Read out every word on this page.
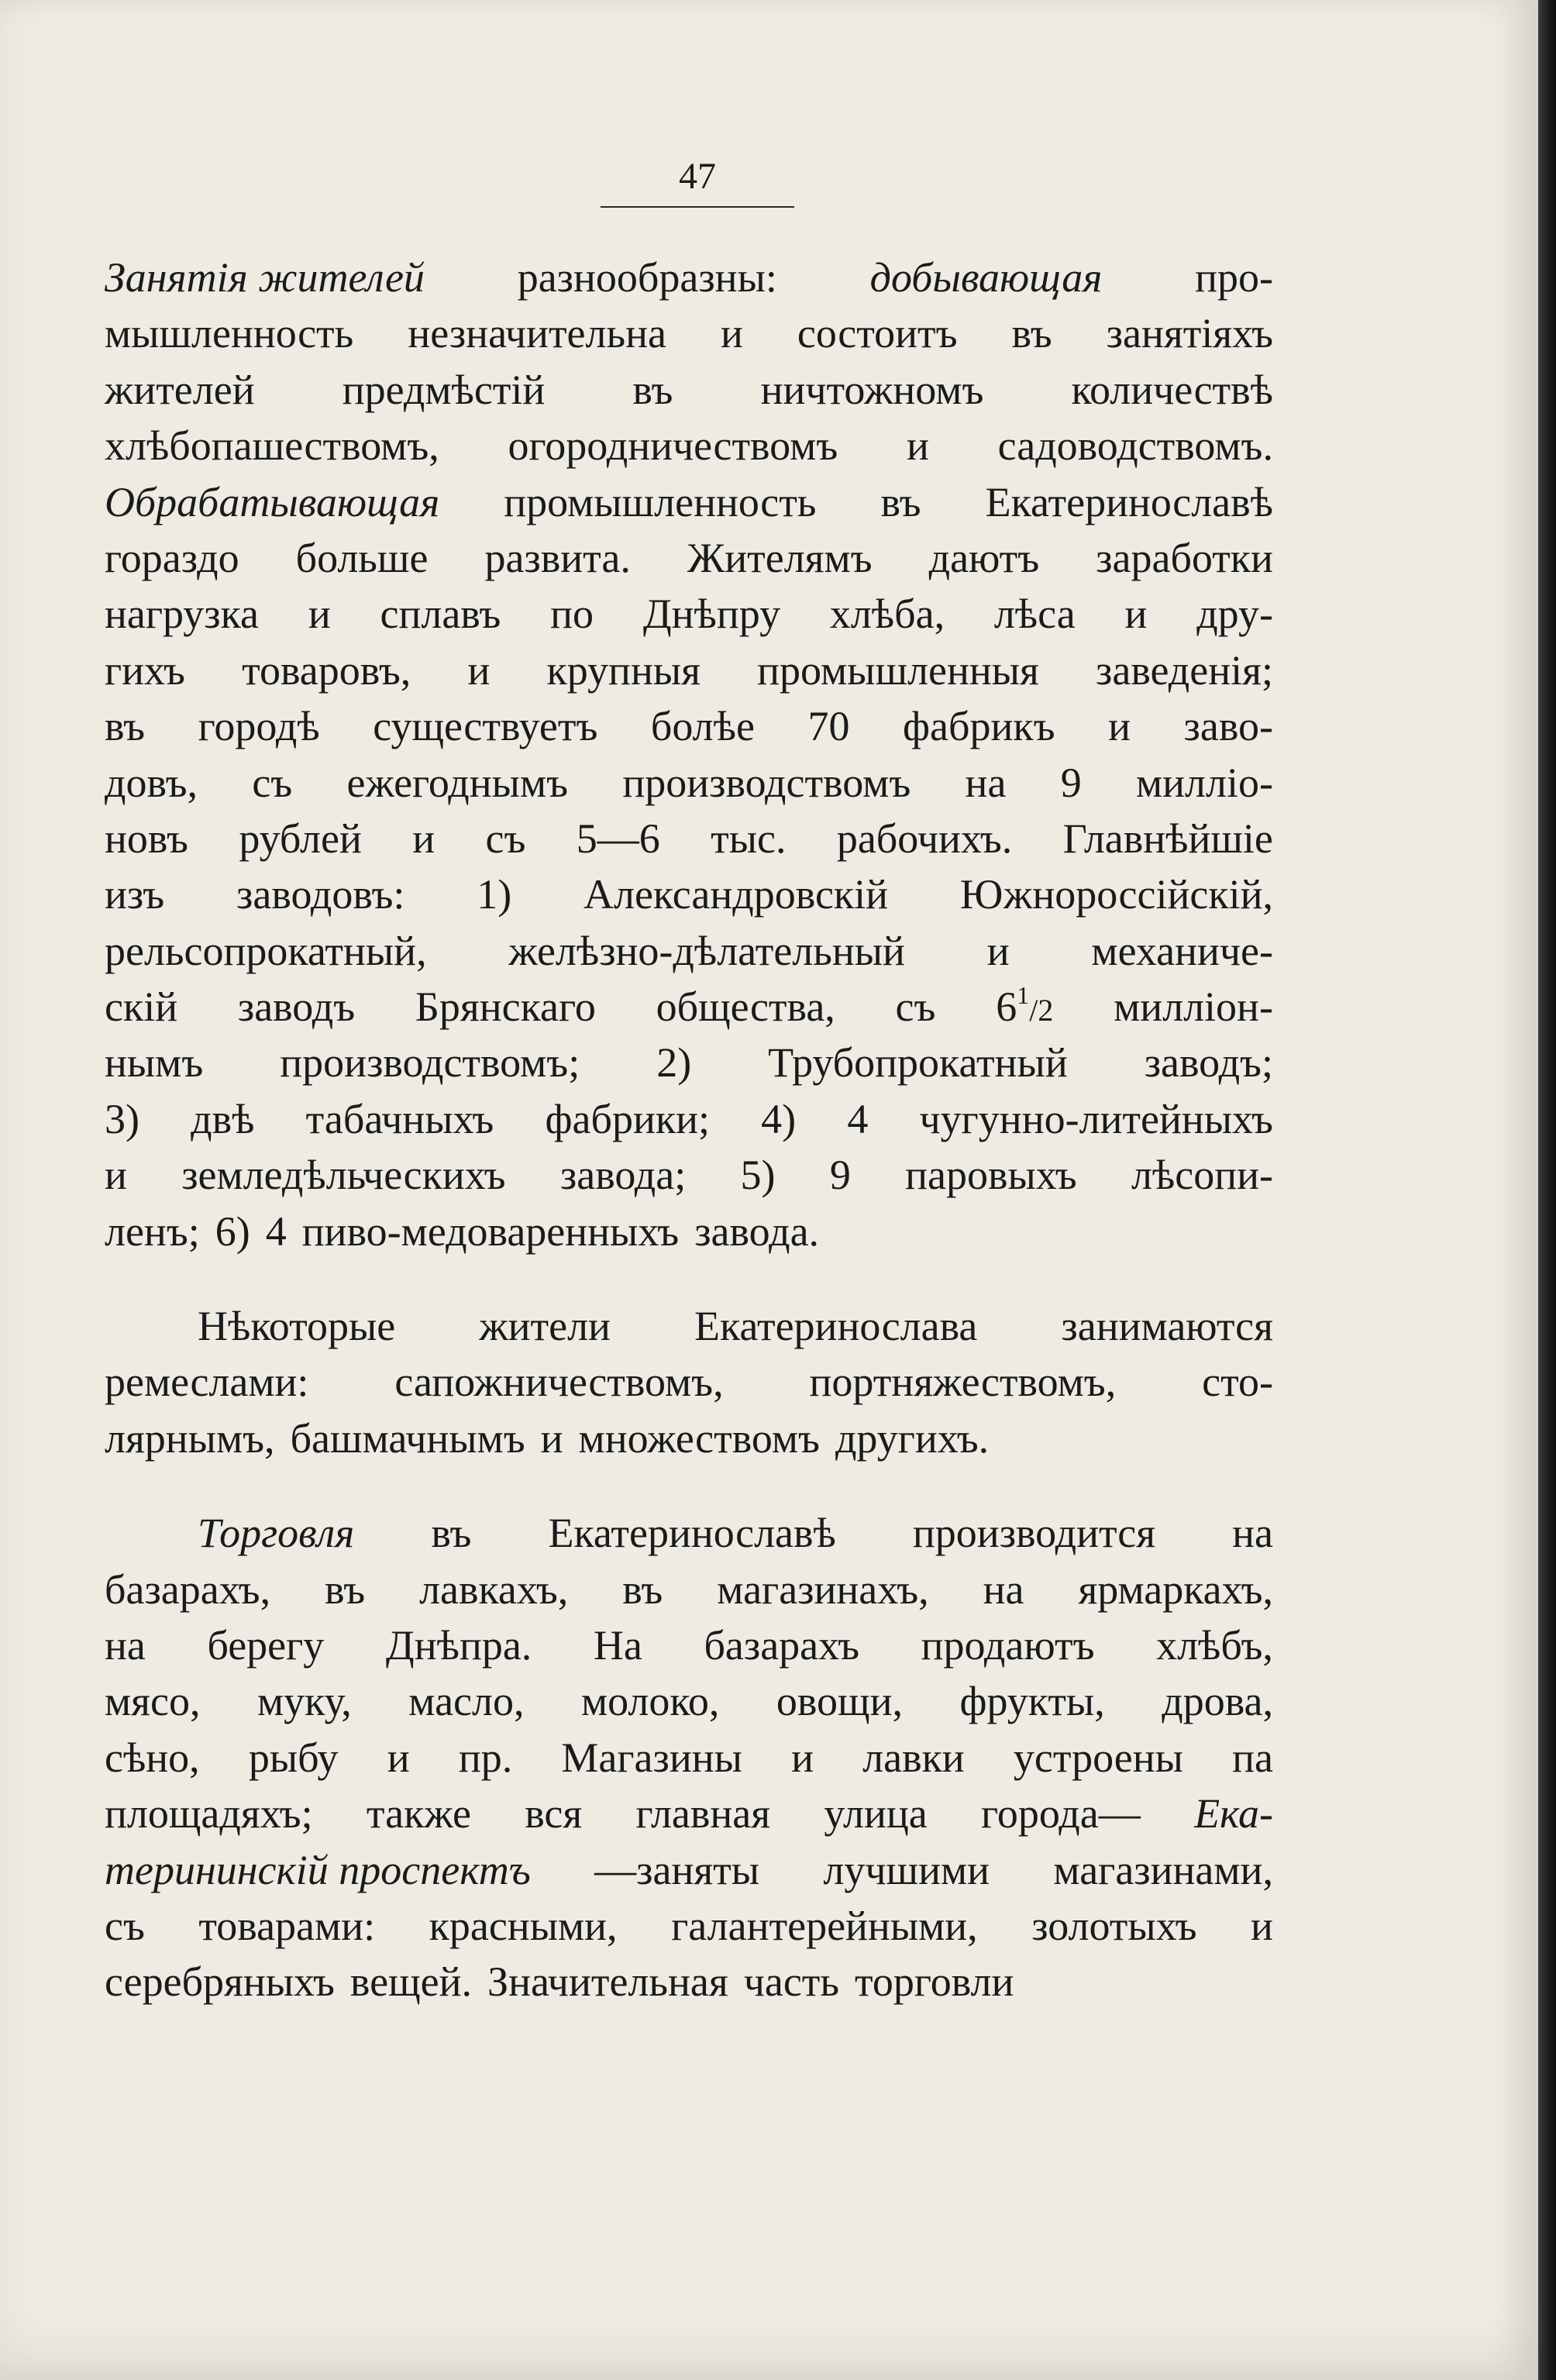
47
Занятія жителей разнообразны: добывающая про-
мышленность незначительна и состоитъ въ занятіяхъ
жителей предмѣстій въ ничтожномъ количествѣ
хлѣбопашествомъ, огородничествомъ и садоводствомъ.
Обрабатывающая промышленность въ Екатеринославѣ
гораздо больше развита. Жителямъ даютъ заработки
нагрузка и сплавъ по Днѣпру хлѣба, лѣса и дру-
гихъ товаровъ, и крупныя промышленныя заведенія;
въ городѣ существуетъ болѣе 70 фабрикъ и заво-
довъ, съ ежегоднымъ производствомъ на 9 милліо-
новъ рублей и съ 5—6 тыс. рабочихъ. Главнѣйшіе
изъ заводовъ: 1) Александровскій Южнороссійскій,
рельсопрокатный, желѣзно-дѣлательный и механиче-
скій заводъ Брянскаго общества, съ $6^1/2$ милліон-
нымъ производствомъ; 2) Трубопрокатный заводъ;
3) двѣ табачныхъ фабрики; 4) 4 чугунно-литейныхъ
и земледѣльческихъ завода; 5) 9 паровыхъ лѣсопи-
ленъ; 6) 4 пиво-медоваренныхъ завода.
Нѣкоторые жители Екатеринослава занимаются
ремеслами: сапожничествомъ, портняжествомъ, сто-
лярнымъ, башмачнымъ и множествомъ другихъ.
Торговля въ Екатеринославѣ производится на
базарахъ, въ лавкахъ, въ магазинахъ, на ярмаркахъ,
на берегу Днѣпра. На базарахъ продаютъ хлѣбъ,
мясо, муку, масло, молоко, овощи, фрукты, дрова,
сѣно, рыбу и пр. Магазины и лавки устроены па
площадяхъ; также вся главная улица города— Ека-
терининскій проспектъ —заняты лучшими магазинами,
съ товарами: красными, галантерейными, золотыхъ и
серебряныхъ вещей. Значительная часть торговли
